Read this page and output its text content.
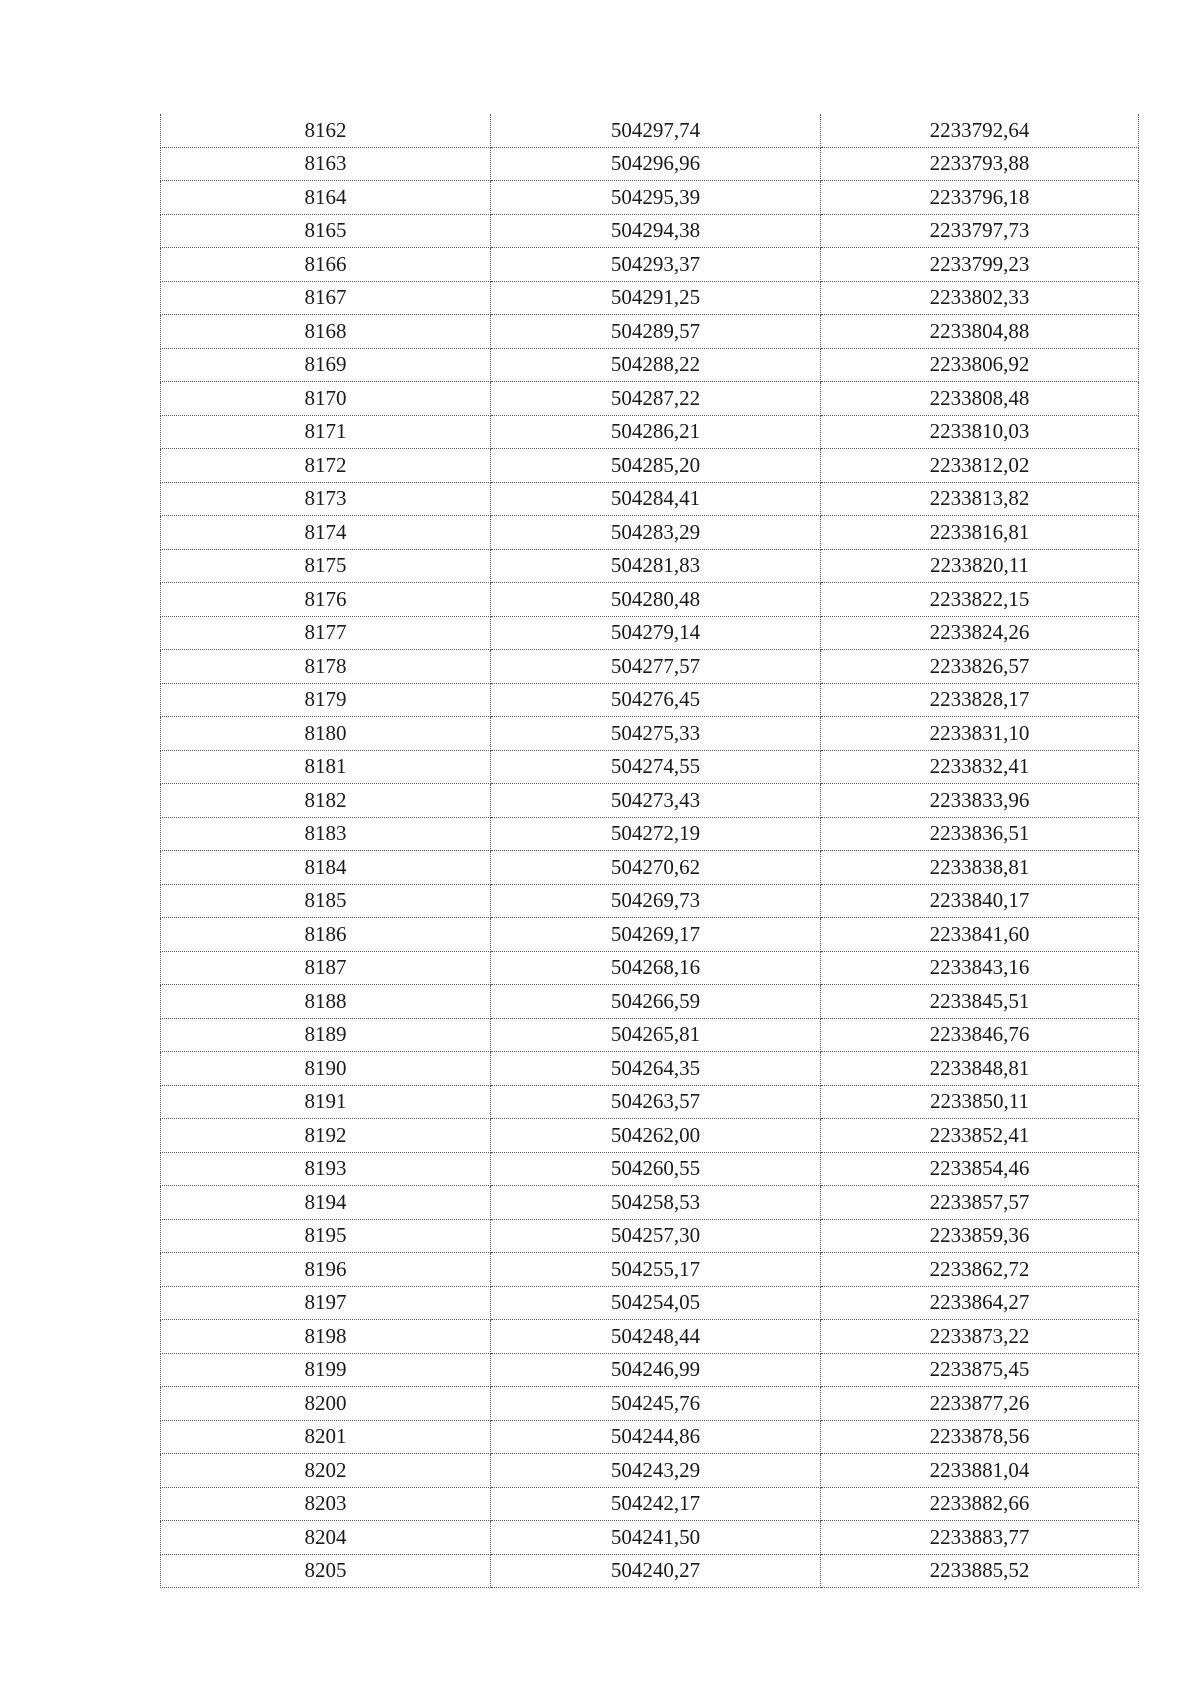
8162	504297,74	2233792,64
8163	504296,96	2233793,88
8164	504295,39	2233796,18
8165	504294,38	2233797,73
8166	504293,37	2233799,23
8167	504291,25	2233802,33
8168	504289,57	2233804,88
8169	504288,22	2233806,92
8170	504287,22	2233808,48
8171	504286,21	2233810,03
8172	504285,20	2233812,02
8173	504284,41	2233813,82
8174	504283,29	2233816,81
8175	504281,83	2233820,11
8176	504280,48	2233822,15
8177	504279,14	2233824,26
8178	504277,57	2233826,57
8179	504276,45	2233828,17
8180	504275,33	2233831,10
8181	504274,55	2233832,41
8182	504273,43	2233833,96
8183	504272,19	2233836,51
8184	504270,62	2233838,81
8185	504269,73	2233840,17
8186	504269,17	2233841,60
8187	504268,16	2233843,16
8188	504266,59	2233845,51
8189	504265,81	2233846,76
8190	504264,35	2233848,81
8191	504263,57	2233850,11
8192	504262,00	2233852,41
8193	504260,55	2233854,46
8194	504258,53	2233857,57
8195	504257,30	2233859,36
8196	504255,17	2233862,72
8197	504254,05	2233864,27
8198	504248,44	2233873,22
8199	504246,99	2233875,45
8200	504245,76	2233877,26
8201	504244,86	2233878,56
8202	504243,29	2233881,04
8203	504242,17	2233882,66
8204	504241,50	2233883,77
8205	504240,27	2233885,52
